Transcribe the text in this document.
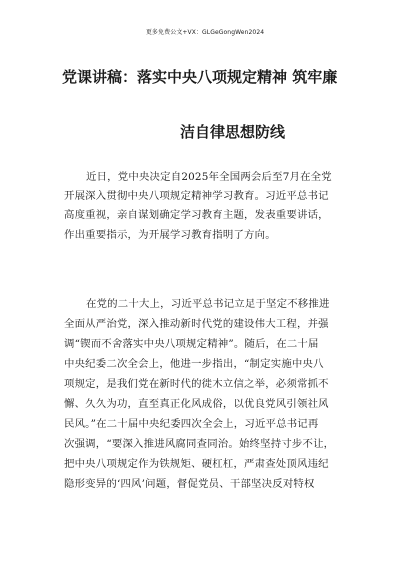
更多免费公文+VX：GLGeGongWen2024
党课讲稿：落实中央八项规定精神 筑牢廉
洁自律思想防线
近日，党中央决定自2025年全国两会后至7月在全党
开展深入贯彻中央八项规定精神学习教育。习近平总书记
高度重视，亲自谋划确定学习教育主题，发表重要讲话，
作出重要指示，为开展学习教育指明了方向。
在党的二十大上，习近平总书记立足于坚定不移推进
全面从严治党，深入推动新时代党的建设伟大工程，并强
调“锲而不舍落实中央八项规定精神”。随后，在二十届
中央纪委二次全会上，他进一步指出，“制定实施中央八
项规定，是我们党在新时代的徙木立信之举，必须常抓不
懈、久久为功，直至真正化风成俗，以优良党风引领社风
民风。”在二十届中央纪委四次全会上，习近平总书记再
次强调，“要深入推进风腐同查同治。始终坚持寸步不让，
把中央八项规定作为铁规矩、硬杠杠，严肃查处顶风违纪
隐形变异的‘四风’问题，督促党员、干部坚决反对特权
